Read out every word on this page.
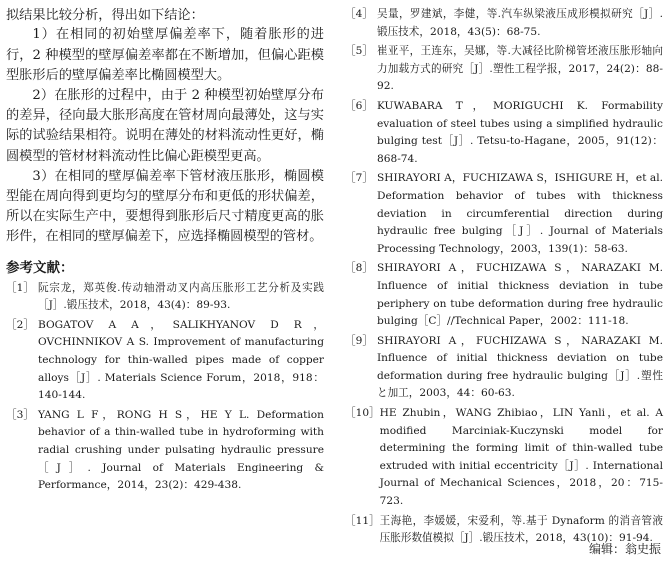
拟结果比较分析，得出如下结论：

1）在相同的初始壁厚偏差率下，随着胀形的进行，2 种模型的壁厚偏差率都在不断增加，但偏心距模型胀形后的壁厚偏差率比椭圆模型大。

2）在胀形的过程中，由于 2 种模型初始壁厚分布的差异，径向最大胀形高度在管材周向最薄处，这与实际的试验结果相符。说明在薄处的材料流动性更好，椭圆模型的管材材料流动性比偏心距模型更高。

3）在相同的壁厚偏差率下管材液压胀形，椭圆模型能在周向得到更均匀的壁厚分布和更低的形状偏差，所以在实际生产中，要想得到胀形后尺寸精度更高的胀形件，在相同的壁厚偏差下，应选择椭圆模型的管材。

参考文献：
［1］ 阮宗龙，郑英俊.传动轴滑动叉内高压胀形工艺分析及实践［J］.锻压技术，2018，43(4)：89-93.
［2］ BOGATOV A A，SALIKHYANOV D R，OVCHINNIKOV A S. Improvement of manufacturing technology for thin-walled pipes made of copper alloys［J］. Materials Science Forum，2018，918：140-144.
［3］ YANG L F，RONG H S，HE Y L. Deformation behavior of a thin-walled tube in hydroforming with radial crushing under pulsating hydraulic pressure［J］. Journal of Materials Engineering & Performance，2014，23(2)：429-438.
［4］ 吴量，罗建斌，李健，等.汽车纵梁液压成形模拟研究［J］.锻压技术，2018，43(5)：68-75.
［5］ 崔亚平，王连东，吴娜，等.大减径比阶梯管坯液压胀形轴向力加载方式的研究［J］.塑性工程学报，2017，24(2)：88-92.
［6］ KUWABARA T，MORIGUCHI K. Formability evaluation of steel tubes using a simplified hydraulic bulging test［J］. Tetsu-to-Hagane，2005，91(12)：868-74.
［7］ SHIRAYORI A，FUCHIZAWA S，ISHIGURE H，et al. Deformation behavior of tubes with thickness deviation in circumferential direction during hydraulic free bulging［J］. Journal of Materials Processing Technology，2003，139(1)：58-63.
［8］ SHIRAYORI A，FUCHIZAWA S，NARAZAKI M. Influence of initial thickness deviation in tube periphery on tube deformation during free hydraulic bulging［C］//Technical Paper，2002：111-18.
［9］ SHIRAYORI A，FUCHIZAWA S，NARAZAKI M. Influence of initial thickness deviation on tube deformation during free hydraulic bulging［J］.塑性と加工，2003，44：60-63.
［10］ HE Zhubin，WANG Zhibiao，LIN Yanli，et al. A modified Marciniak-Kuczynski model for determining the forming limit of thin-walled tube extruded with initial eccentricity［J］. International Journal of Mechanical Sciences，2018，20：715-723.
［11］ 王海艳，李媛媛，宋爱利，等.基于 Dynaform 的消音管液压胀形数值模拟［J］.锻压技术，2018，43(10)：91-94.
编辑：翁史振
